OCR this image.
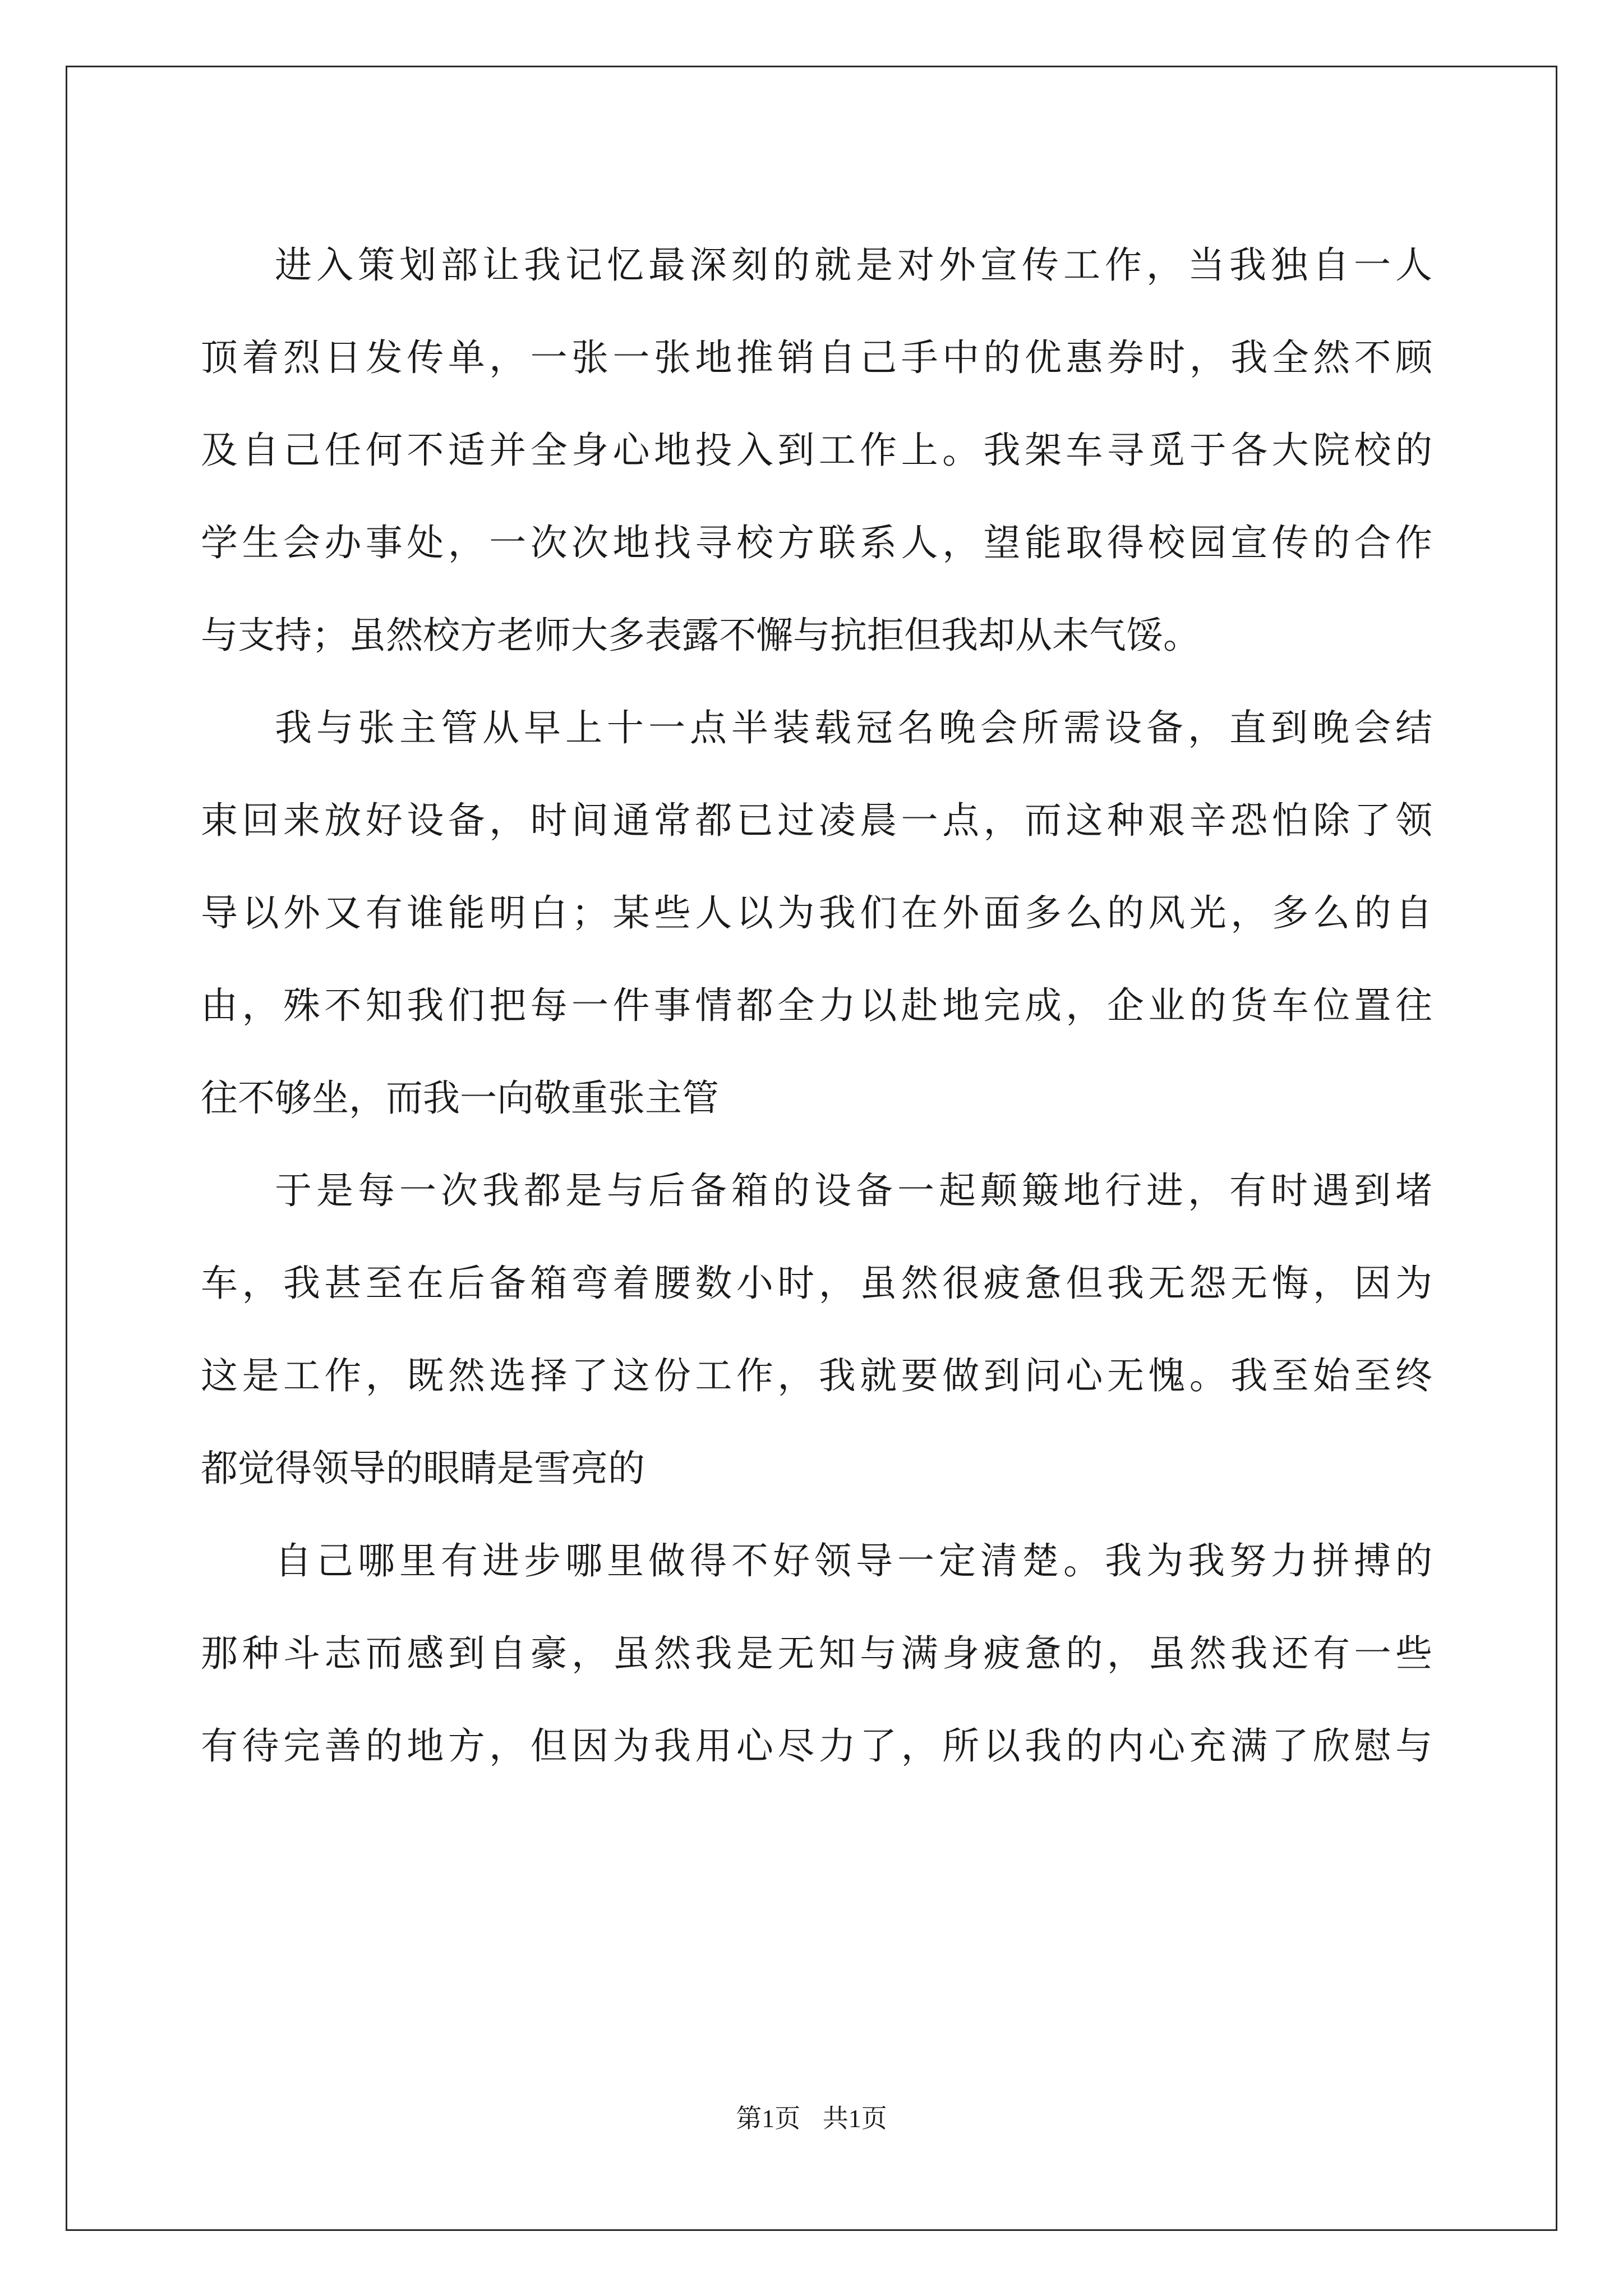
进入策划部让我记忆最深刻的就是对外宣传工作，当我独自一人
顶着烈日发传单，一张一张地推销自己手中的优惠券时，我全然不顾
及自己任何不适并全身心地投入到工作上。我架车寻觅于各大院校的
学生会办事处，一次次地找寻校方联系人，望能取得校园宣传的合作
与支持；虽然校方老师大多表露不懈与抗拒但我却从未气馁。
我与张主管从早上十一点半装载冠名晚会所需设备，直到晚会结
束回来放好设备，时间通常都已过凌晨一点，而这种艰辛恐怕除了领
导以外又有谁能明白；某些人以为我们在外面多么的风光，多么的自
由，殊不知我们把每一件事情都全力以赴地完成，企业的货车位置往
往不够坐，而我一向敬重张主管
于是每一次我都是与后备箱的设备一起颠簸地行进，有时遇到堵
车，我甚至在后备箱弯着腰数小时，虽然很疲惫但我无怨无悔，因为
这是工作，既然选择了这份工作，我就要做到问心无愧。我至始至终
都觉得领导的眼睛是雪亮的
自己哪里有进步哪里做得不好领导一定清楚。我为我努力拼搏的
那种斗志而感到自豪，虽然我是无知与满身疲惫的，虽然我还有一些
有待完善的地方，但因为我用心尽力了，所以我的内心充满了欣慰与
第1页 共1页
